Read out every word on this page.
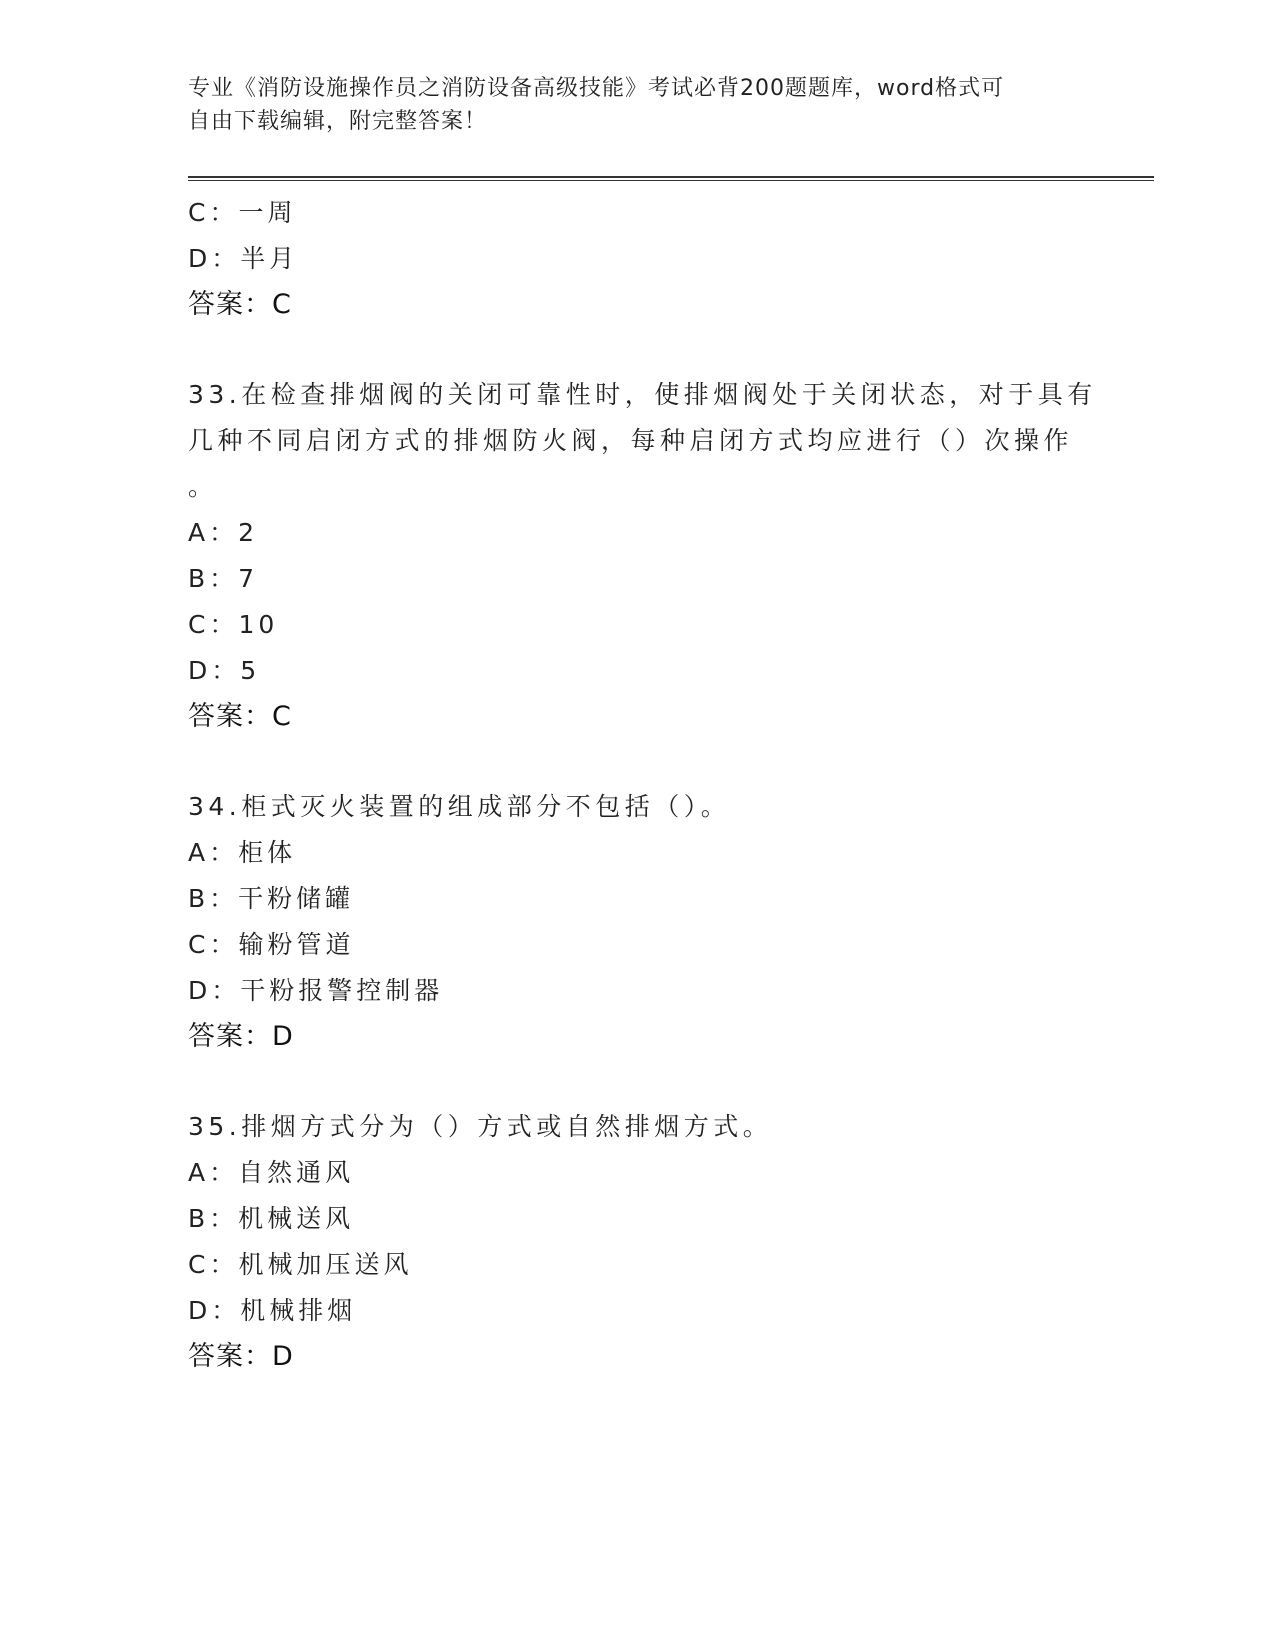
专业《消防设施操作员之消防设备高级技能》考试必背200题题库，word格式可
自由下载编辑，附完整答案！
C：一周
D：半月
答案：C
33.在检查排烟阀的关闭可靠性时，使排烟阀处于关闭状态，对于具有
几种不同启闭方式的排烟防火阀，每种启闭方式均应进行（）次操作
。
A：2
B：7
C：10
D：5
答案：C
34.柜式灭火装置的组成部分不包括（）。
A：柜体
B：干粉储罐
C：输粉管道
D：干粉报警控制器
答案：D
35.排烟方式分为（）方式或自然排烟方式。
A：自然通风
B：机械送风
C：机械加压送风
D：机械排烟
答案：D
